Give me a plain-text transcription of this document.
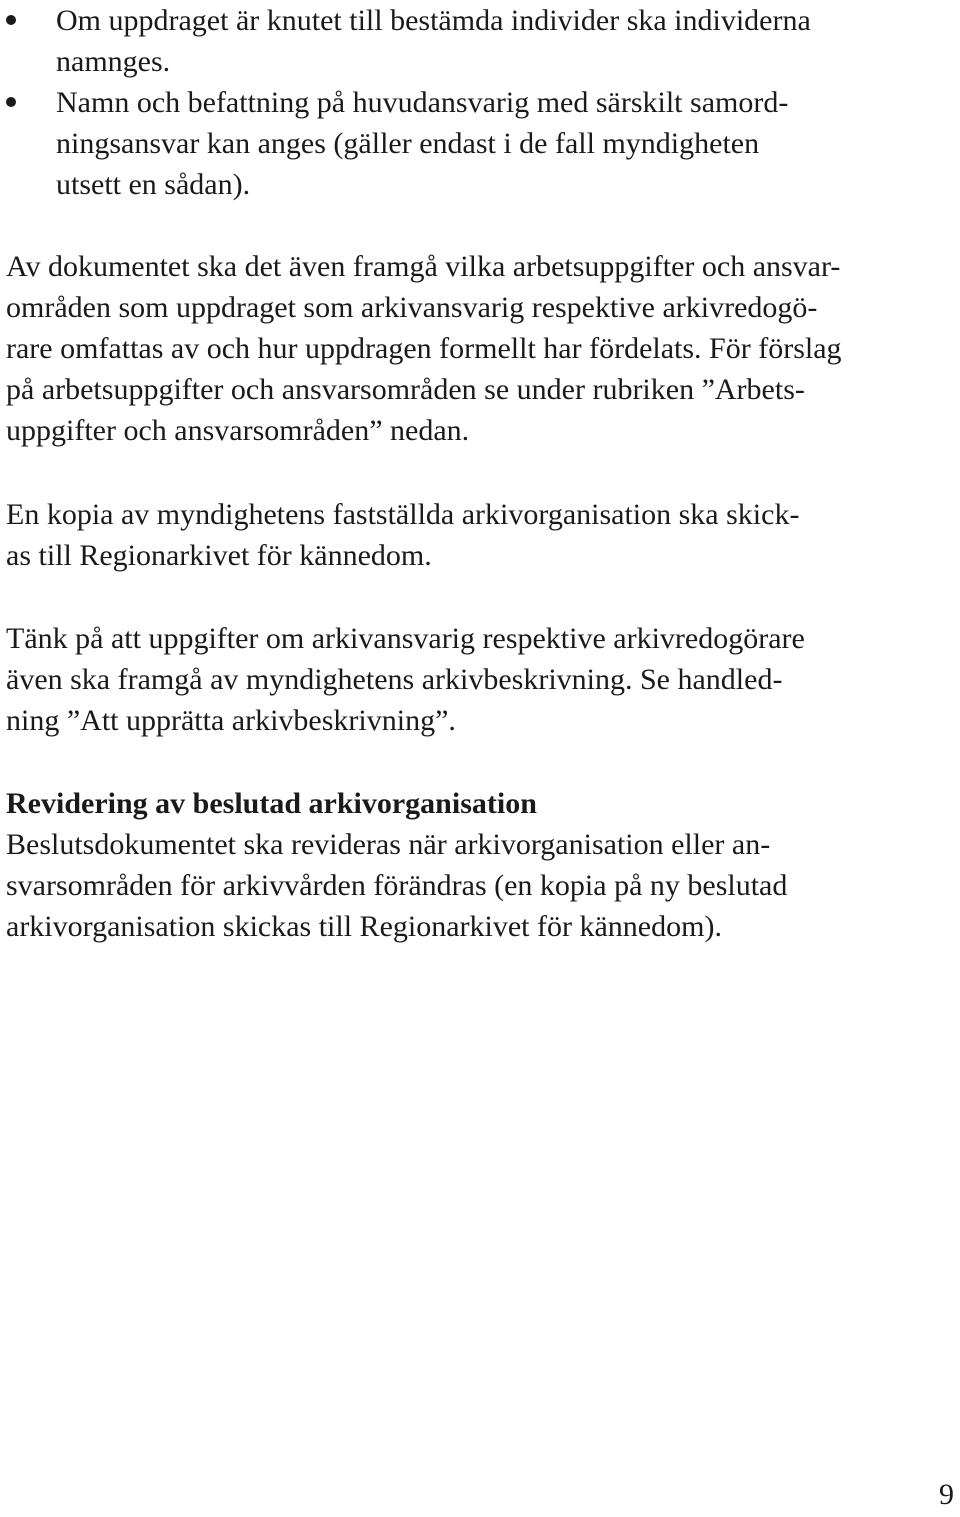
Om uppdraget är knutet till bestämda individer ska individerna
namnges.
Namn och befattning på huvudansvarig med särskilt samord-
ningsansvar kan anges (gäller endast i de fall myndigheten
utsett en sådan).
Av dokumentet ska det även framgå vilka arbetsuppgifter och ansvar-
områden som uppdraget som arkivansvarig respektive arkivredogö-
rare omfattas av och hur uppdragen formellt har fördelats. För förslag
på arbetsuppgifter och ansvarsområden se under rubriken ”Arbets-
uppgifter och ansvarsområden” nedan.
En kopia av myndighetens fastställda arkivorganisation ska skick-
as till Regionarkivet för kännedom.
Tänk på att uppgifter om arkivansvarig respektive arkivredogörare
även ska framgå av myndighetens arkivbeskrivning. Se handled-
ning ”Att upprätta arkivbeskrivning”.
Revidering av beslutad arkivorganisation
Beslutsdokumentet ska revideras när arkivorganisation eller an-
svarsområden för arkivvården förändras (en kopia på ny beslutad
arkivorganisation skickas till Regionarkivet för kännedom).
9
